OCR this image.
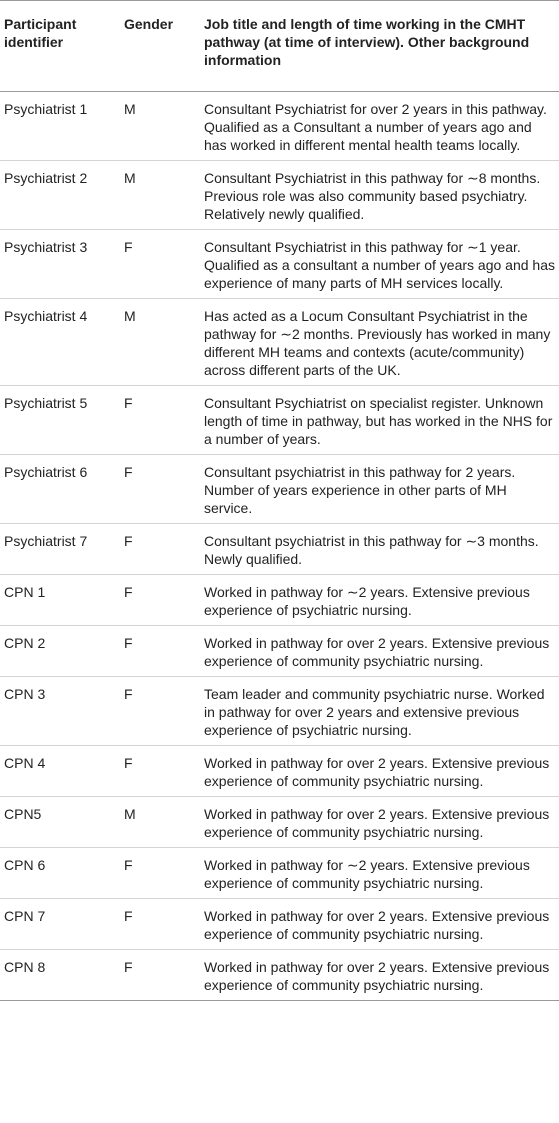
Participant identifier	Gender	Job title and length of time working in the CMHT pathway (at time of interview). Other background information
Psychiatrist 1	M	Consultant Psychiatrist for over 2 years in this pathway. Qualified as a Consultant a number of years ago and has worked in different mental health teams locally.
Psychiatrist 2	M	Consultant Psychiatrist in this pathway for ∼8 months. Previous role was also community based psychiatry. Relatively newly qualified.
Psychiatrist 3	F	Consultant Psychiatrist in this pathway for ∼1 year. Qualified as a consultant a number of years ago and has experience of many parts of MH services locally.
Psychiatrist 4	M	Has acted as a Locum Consultant Psychiatrist in the pathway for ∼2 months. Previously has worked in many different MH teams and contexts (acute/community) across different parts of the UK.
Psychiatrist 5	F	Consultant Psychiatrist on specialist register. Unknown length of time in pathway, but has worked in the NHS for a number of years.
Psychiatrist 6	F	Consultant psychiatrist in this pathway for 2 years. Number of years experience in other parts of MH service.
Psychiatrist 7	F	Consultant psychiatrist in this pathway for ∼3 months. Newly qualified.
CPN 1	F	Worked in pathway for ∼2 years. Extensive previous experience of psychiatric nursing.
CPN 2	F	Worked in pathway for over 2 years. Extensive previous experience of community psychiatric nursing.
CPN 3	F	Team leader and community psychiatric nurse. Worked in pathway for over 2 years and extensive previous experience of psychiatric nursing.
CPN 4	F	Worked in pathway for over 2 years. Extensive previous experience of community psychiatric nursing.
CPN5	M	Worked in pathway for over 2 years. Extensive previous experience of community psychiatric nursing.
CPN 6	F	Worked in pathway for ∼2 years. Extensive previous experience of community psychiatric nursing.
CPN 7	F	Worked in pathway for over 2 years. Extensive previous experience of community psychiatric nursing.
CPN 8	F	Worked in pathway for over 2 years. Extensive previous experience of community psychiatric nursing.
